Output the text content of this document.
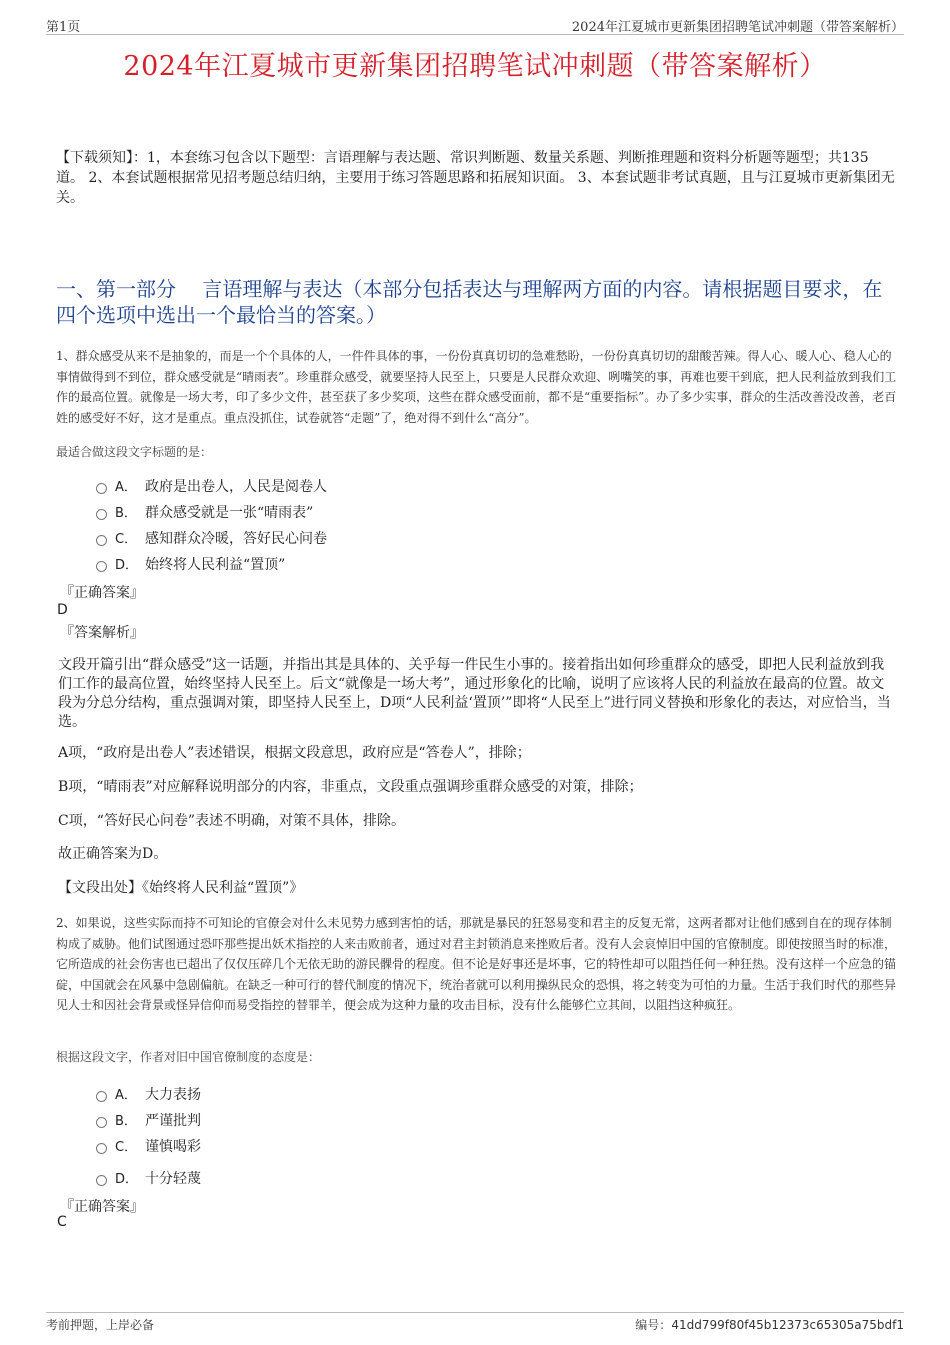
第1页	2024年江夏城市更新集团招聘笔试冲刺题（带答案解析）
2024年江夏城市更新集团招聘笔试冲刺题（带答案解析）
【下载须知】：1，本套练习包含以下题型：言语理解与表达题、常识判断题、数量关系题、判断推理题和资料分析题等题型；共135道。 2、本套试题根据常见招考题总结归纳，主要用于练习答题思路和拓展知识面。 3、本套试题非考试真题，且与江夏城市更新集团无关。
一、第一部分　 言语理解与表达（本部分包括表达与理解两方面的内容。请根据题目要求，在四个选项中选出一个最恰当的答案。）
1、群众感受从来不是抽象的，而是一个个具体的人，一件件具体的事，一份份真真切切的急难愁盼，一份份真真切切的甜酸苦辣。得人心、暖人心、稳人心的事情做得到不到位，群众感受就是“晴雨表”。珍重群众感受，就要坚持人民至上，只要是人民群众欢迎、咧嘴笑的事，再难也要干到底，把人民利益放到我们工作的最高位置。就像是一场大考，印了多少文件，甚至获了多少奖项，这些在群众感受面前，都不是“重要指标”。办了多少实事，群众的生活改善没改善，老百姓的感受好不好，这才是重点。重点没抓住，试卷就答“走题”了，绝对得不到什么“高分”。
最适合做这段文字标题的是：
A． 政府是出卷人，人民是阅卷人
B． 群众感受就是一张“晴雨表”
C． 感知群众冷暖，答好民心问卷
D． 始终将人民利益“置顶”
『正确答案』
D
『答案解析』
文段开篇引出“群众感受”这一话题，并指出其是具体的、关乎每一件民生小事的。接着指出如何珍重群众的感受，即把人民利益放到我们工作的最高位置，始终坚持人民至上。后文“就像是一场大考”，通过形象化的比喻，说明了应该将人民的利益放在最高的位置。故文段为分总分结构，重点强调对策，即坚持人民至上，D项“人民利益‘置顶’”即将“人民至上”进行同义替换和形象化的表达，对应恰当，当选。
A项，“政府是出卷人”表述错误，根据文段意思，政府应是“答卷人”，排除；
B项，“晴雨表”对应解释说明部分的内容，非重点，文段重点强调珍重群众感受的对策，排除；
C项，“答好民心问卷”表述不明确，对策不具体，排除。
故正确答案为D。
【文段出处】《始终将人民利益“置顶”》
2、如果说，这些实际而持不可知论的官僚会对什么未见势力感到害怕的话，那就是暴民的狂怒易变和君主的反复无常，这两者都对让他们感到自在的现存体制构成了威胁。他们试图通过恐吓那些提出妖术指控的人来击败前者，通过对君主封锁消息来挫败后者。没有人会哀悼旧中国的官僚制度。即使按照当时的标准，它所造成的社会伤害也已超出了仅仅压碎几个无依无助的游民髁骨的程度。但不论是好事还是坏事，它的特性却可以阻挡任何一种狂热。没有这样一个应急的锚碇，中国就会在风暴中急剧偏航。在缺乏一种可行的替代制度的情况下，统治者就可以利用操纵民众的恐惧，将之转变为可怕的力量。生活于我们时代的那些异见人士和因社会背景或怪异信仰而易受指控的替罪羊，便会成为这种力量的攻击目标，没有什么能够伫立其间，以阻挡这种疯狂。
根据这段文字，作者对旧中国官僚制度的态度是：
A． 大力表扬
B． 严谨批判
C． 谨慎喝彩
D． 十分轻蔑
『正确答案』
C
考前押题，上岸必备	编号：41dd799f80f45b12373c65305a75bdf1
